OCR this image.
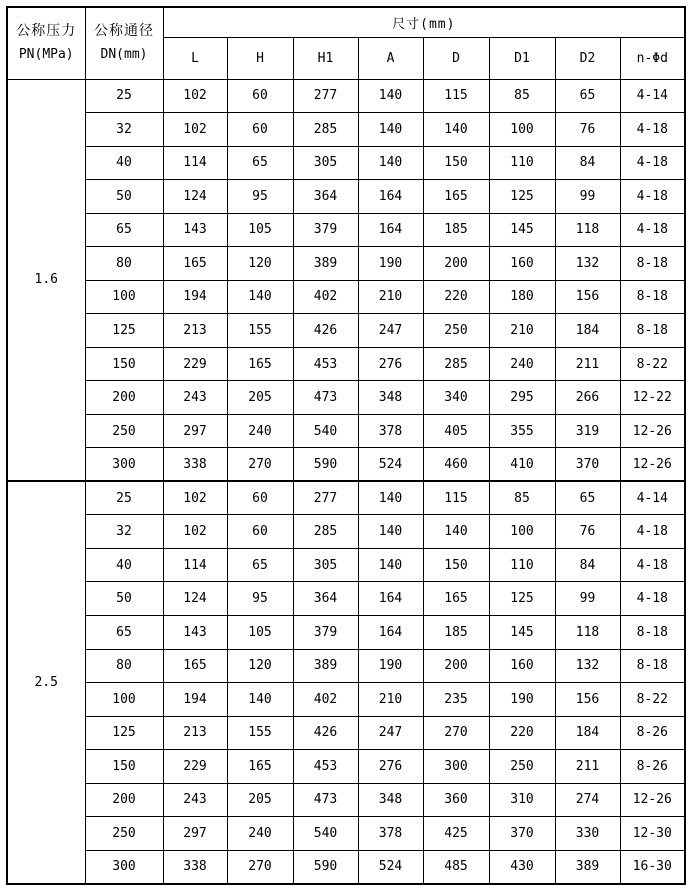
公称压力
PN(MPa)	公称通径
DN(mm)	尺寸(mm)							
		L	H	H1	A	D	D1	D2	n-Φd
1.6	25	102	60	277	140	115	85	65	4-14
	32	102	60	285	140	140	100	76	4-18
	40	114	65	305	140	150	110	84	4-18
	50	124	95	364	164	165	125	99	4-18
	65	143	105	379	164	185	145	118	4-18
	80	165	120	389	190	200	160	132	8-18
	100	194	140	402	210	220	180	156	8-18
	125	213	155	426	247	250	210	184	8-18
	150	229	165	453	276	285	240	211	8-22
	200	243	205	473	348	340	295	266	12-22
	250	297	240	540	378	405	355	319	12-26
	300	338	270	590	524	460	410	370	12-26
2.5	25	102	60	277	140	115	85	65	4-14
	32	102	60	285	140	140	100	76	4-18
	40	114	65	305	140	150	110	84	4-18
	50	124	95	364	164	165	125	99	4-18
	65	143	105	379	164	185	145	118	8-18
	80	165	120	389	190	200	160	132	8-18
	100	194	140	402	210	235	190	156	8-22
	125	213	155	426	247	270	220	184	8-26
	150	229	165	453	276	300	250	211	8-26
	200	243	205	473	348	360	310	274	12-26
	250	297	240	540	378	425	370	330	12-30
	300	338	270	590	524	485	430	389	16-30
